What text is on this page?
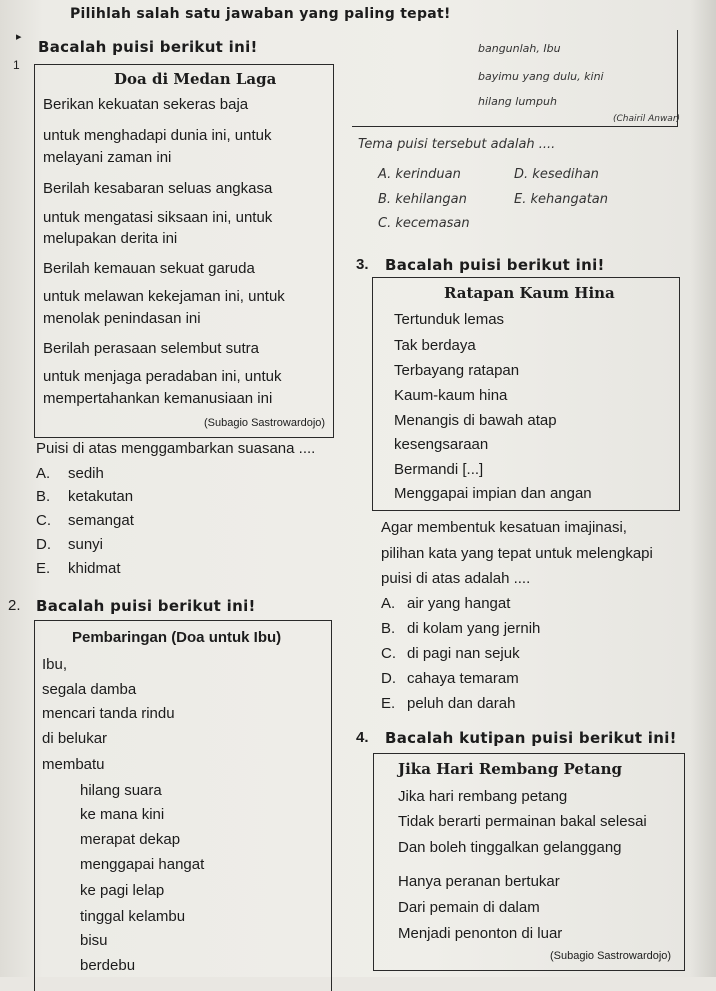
Pilihlah salah satu jawaban yang paling tepat!
▸
1
Bacalah puisi berikut ini!
Doa di Medan Laga
Berikan kekuatan sekeras baja
untuk menghadapi dunia ini, untuk
melayani zaman ini
Berilah kesabaran seluas angkasa
untuk mengatasi siksaan ini, untuk
melupakan derita ini
Berilah kemauan sekuat garuda
untuk melawan kekejaman ini, untuk
menolak penindasan ini
Berilah perasaan selembut sutra
untuk menjaga peradaban ini, untuk
mempertahankan kemanusiaan ini
(Subagio Sastrowardojo)
Puisi di atas menggambarkan suasana ....
A. sedih
B. ketakutan
C. semangat
D. sunyi
E. khidmat
2. Bacalah puisi berikut ini!
Pembaringan (Doa untuk Ibu)
Ibu,
segala damba
mencari tanda rindu
di belukar
membatu
hilang suara
ke mana kini
merapat dekap
menggapai hangat
ke pagi lelap
tinggal kelambu
bisu
berdebu
bangunlah, Ibu
bayimu yang dulu, kini
hilang lumpuh
(Chairil Anwar)
Tema puisi tersebut adalah ....
A. kerinduan
B. kehilangan
C. kecemasan
D. kesedihan
E. kehangatan
3. Bacalah puisi berikut ini!
Ratapan Kaum Hina
Tertunduk lemas
Tak berdaya
Terbayang ratapan
Kaum-kaum hina
Menangis di bawah atap
kesengsaraan
Bermandi [...]
Menggapai impian dan angan
Agar membentuk kesatuan imajinasi,
pilihan kata yang tepat untuk melengkapi
puisi di atas adalah ....
A. air yang hangat
B. di kolam yang jernih
C. di pagi nan sejuk
D. cahaya temaram
E. peluh dan darah
4. Bacalah kutipan puisi berikut ini!
Jika Hari Rembang Petang
Jika hari rembang petang
Tidak berarti permainan bakal selesai
Dan boleh tinggalkan gelanggang
Hanya peranan bertukar
Dari pemain di dalam
Menjadi penonton di luar
(Subagio Sastrowardojo)
